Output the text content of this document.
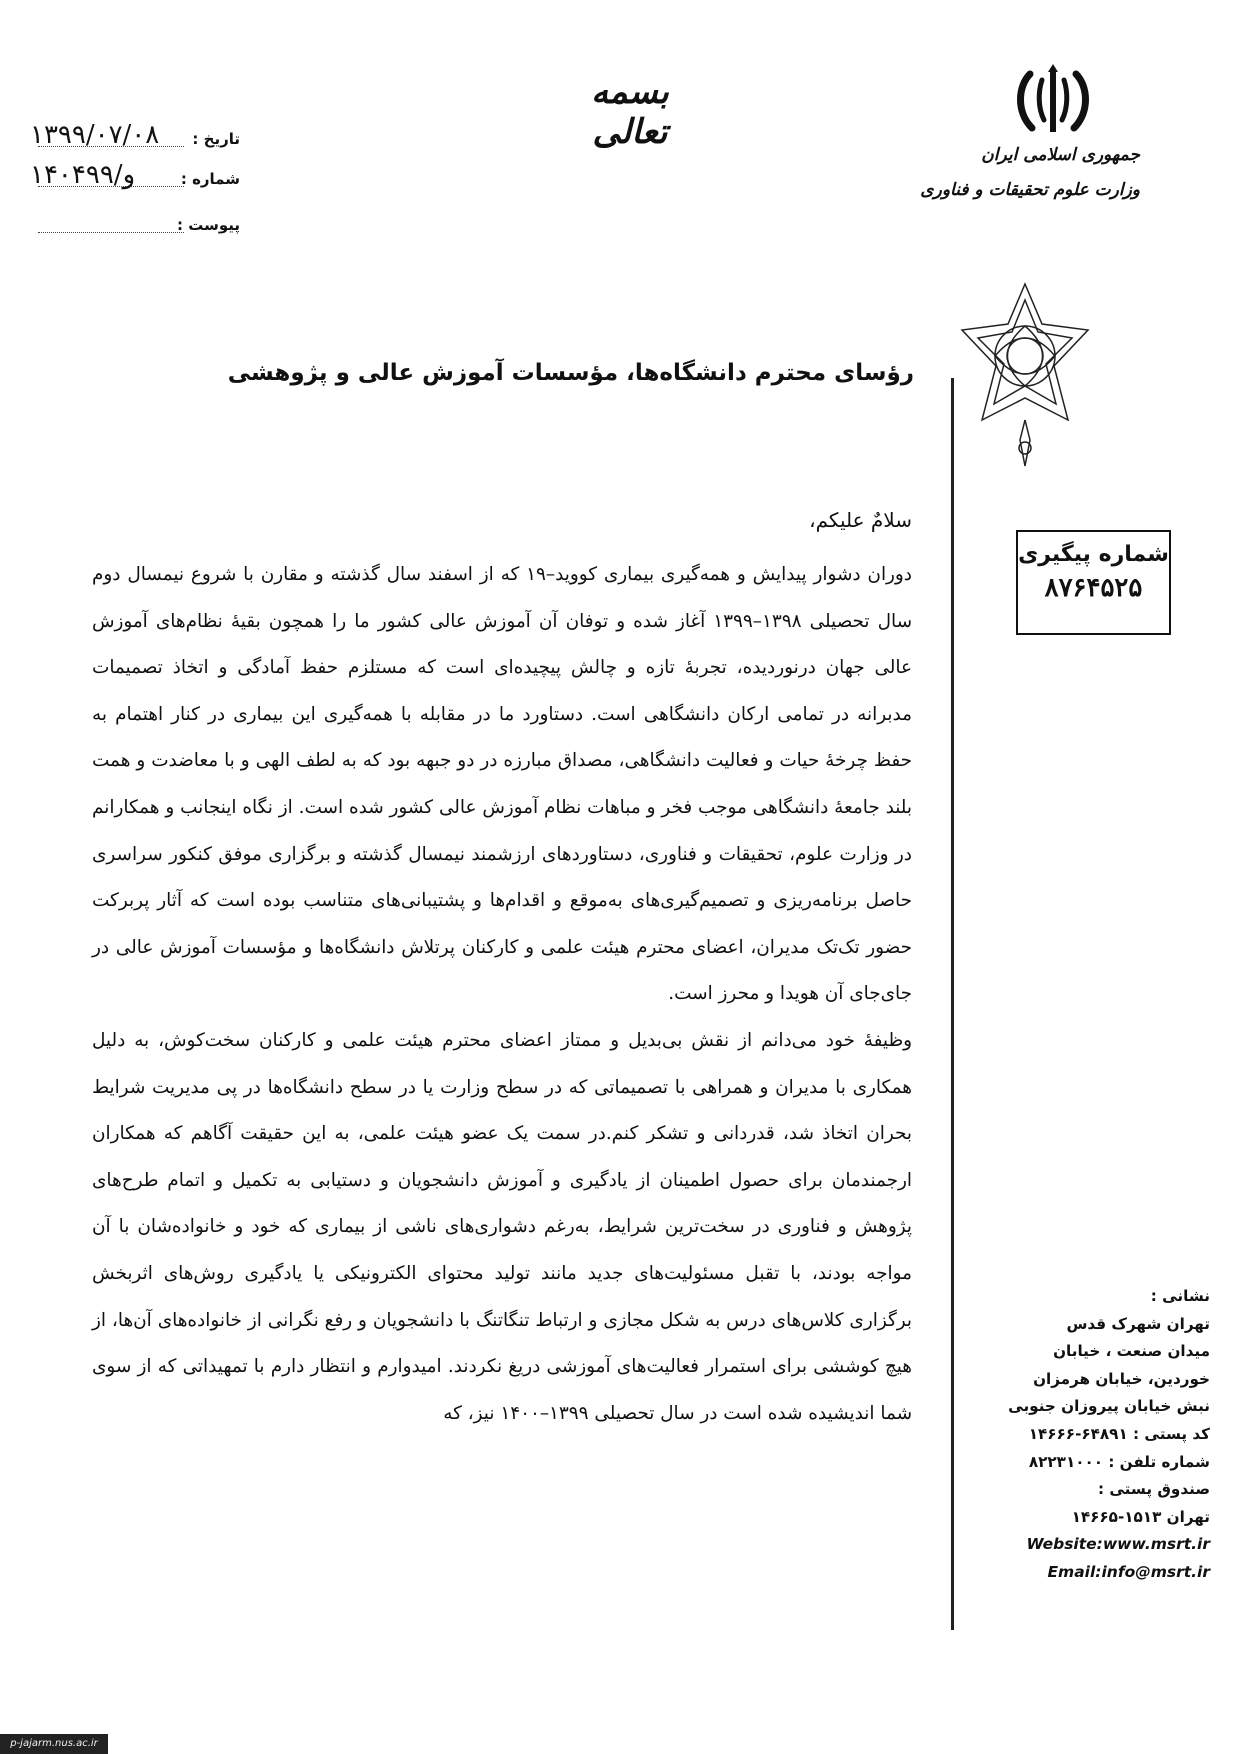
بسمه تعالی
جمهوری اسلامی ایران
وزارت علوم تحقیقات و فناوری
تاریخ :
۱۳۹۹/۰۷/۰۸
شماره :
۱۴۰۴۹۹/و
پیوست :
رؤسای محترم دانشگاه‌ها، مؤسسات آموزش عالی و پژوهشی
شماره پیگیری
۸۷۶۴۵۲۵
سلامٌ علیکم،
دوران دشوار پیدایش و همه‌گیری بیماری کووید–۱۹ که از اسفند سال گذشته و مقارن با شروع نیمسال دوم سال تحصیلی ۱۳۹۸–۱۳۹۹ آغاز شده و توفان آن آموزش عالی کشور ما را همچون بقیهٔ نظام‌های آموزش عالی جهان درنوردیده، تجربهٔ تازه و چالش پیچیده‌ای است که مستلزم حفظ آمادگی و اتخاذ تصمیمات مدبرانه در تمامی ارکان دانشگاهی است. دستاورد ما در مقابله با همه‌گیری این بیماری در کنار اهتمام به حفظ چرخهٔ حیات و فعالیت دانشگاهی، مصداق مبارزه در دو جبهه بود که به لطف الهی و با معاضدت و همت بلند جامعهٔ دانشگاهی موجب فخر و مباهات نظام آموزش عالی کشور شده است. از نگاه اینجانب و همکارانم در وزارت علوم، تحقیقات و فناوری، دستاوردهای ارزشمند نیمسال گذشته و برگزاری موفق کنکور سراسری حاصل برنامه‌ریزی و تصمیم‌گیری‌های به‌موقع و اقدام‌ها و پشتیبانی‌های متناسب بوده است که آثار پربرکت حضور تک‌تک مدیران، اعضای محترم هیئت علمی و کارکنان پرتلاش دانشگاه‌ها و مؤسسات آموزش عالی در جای‌جای آن هویدا و محرز است.
وظیفهٔ خود می‌دانم از نقش بی‌بدیل و ممتاز اعضای محترم هیئت علمی و کارکنان سخت‌کوش، به دلیل همکاری با مدیران و همراهی با تصمیماتی که در سطح وزارت یا در سطح دانشگاه‌ها در پی مدیریت شرایط بحران اتخاذ شد، قدردانی و تشکر کنم.در سمت یک عضو هیئت علمی، به این حقیقت آگاهم که همکاران ارجمندمان برای حصول اطمینان از یادگیری و آموزش دانشجویان و دستیابی به تکمیل و اتمام طرح‌های پژوهش و فناوری در سخت‌ترین شرایط، به‌رغم دشواری‌های ناشی از بیماری که خود و خانواده‌شان با آن مواجه بودند، با تقبل مسئولیت‌های جدید مانند تولید محتوای الکترونیکی یا یادگیری روش‌های اثربخش برگزاری کلاس‌های درس به شکل مجازی و ارتباط تنگاتنگ با دانشجویان و رفع نگرانی از خانواده‌های آن‌ها، از هیچ کوششی برای استمرار فعالیت‌های آموزشی دریغ نکردند. امیدوارم و انتظار دارم با تمهیداتی که از سوی شما اندیشیده شده است در سال تحصیلی ۱۳۹۹–۱۴۰۰ نیز، که
نشانی :
تهران شهرک قدس
میدان صنعت ، خیابان
خوردین، خیابان هرمزان
نبش خیابان پیروزان جنوبی
کد پستی : ۶۴۸۹۱-۱۴۶۶۶
شماره تلفن : ۸۲۲۳۱۰۰۰
صندوق پستی :
تهران ۱۵۱۳-۱۴۶۶۵
Website:www.msrt.ir
Email:info@msrt.ir
p-jajarm.nus.ac.ir
